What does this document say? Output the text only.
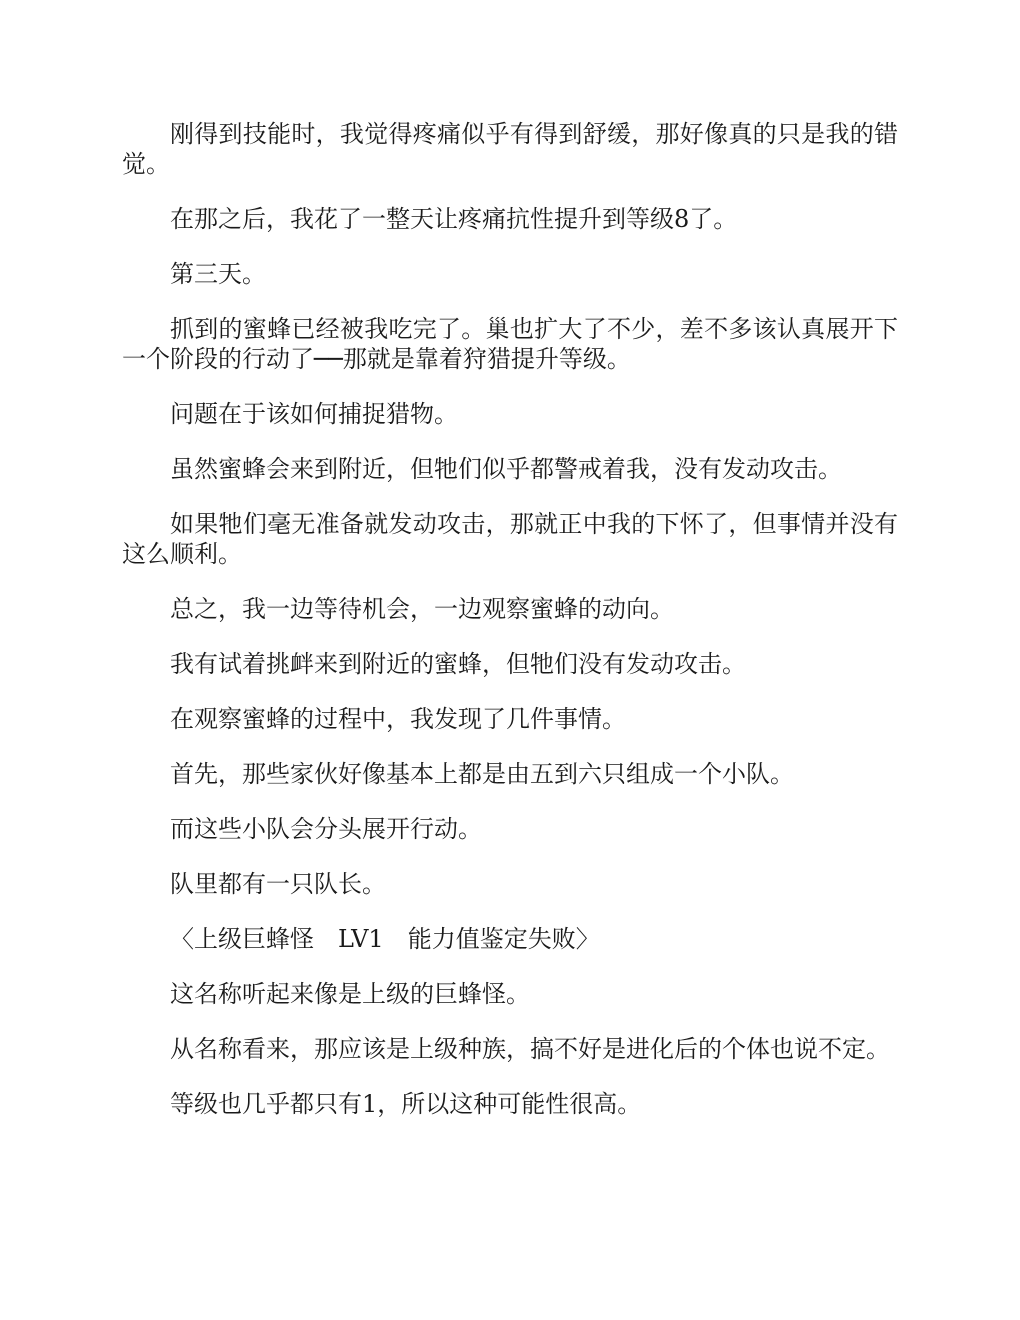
刚得到技能时，我觉得疼痛似乎有得到舒缓，那好像真的只是我的错觉。

在那之后，我花了一整天让疼痛抗性提升到等级8了。

第三天。

抓到的蜜蜂已经被我吃完了。巢也扩大了不少，差不多该认真展开下一个阶段的行动了──那就是靠着狩猎提升等级。

问题在于该如何捕捉猎物。

虽然蜜蜂会来到附近，但牠们似乎都警戒着我，没有发动攻击。

如果牠们毫无准备就发动攻击，那就正中我的下怀了，但事情并没有这么顺利。

总之，我一边等待机会，一边观察蜜蜂的动向。

我有试着挑衅来到附近的蜜蜂，但牠们没有发动攻击。

在观察蜜蜂的过程中，我发现了几件事情。

首先，那些家伙好像基本上都是由五到六只组成一个小队。

而这些小队会分头展开行动。

队里都有一只队长。

〈上级巨蜂怪　LV1　能力值鉴定失败〉

这名称听起来像是上级的巨蜂怪。

从名称看来，那应该是上级种族，搞不好是进化后的个体也说不定。

等级也几乎都只有1，所以这种可能性很高。
